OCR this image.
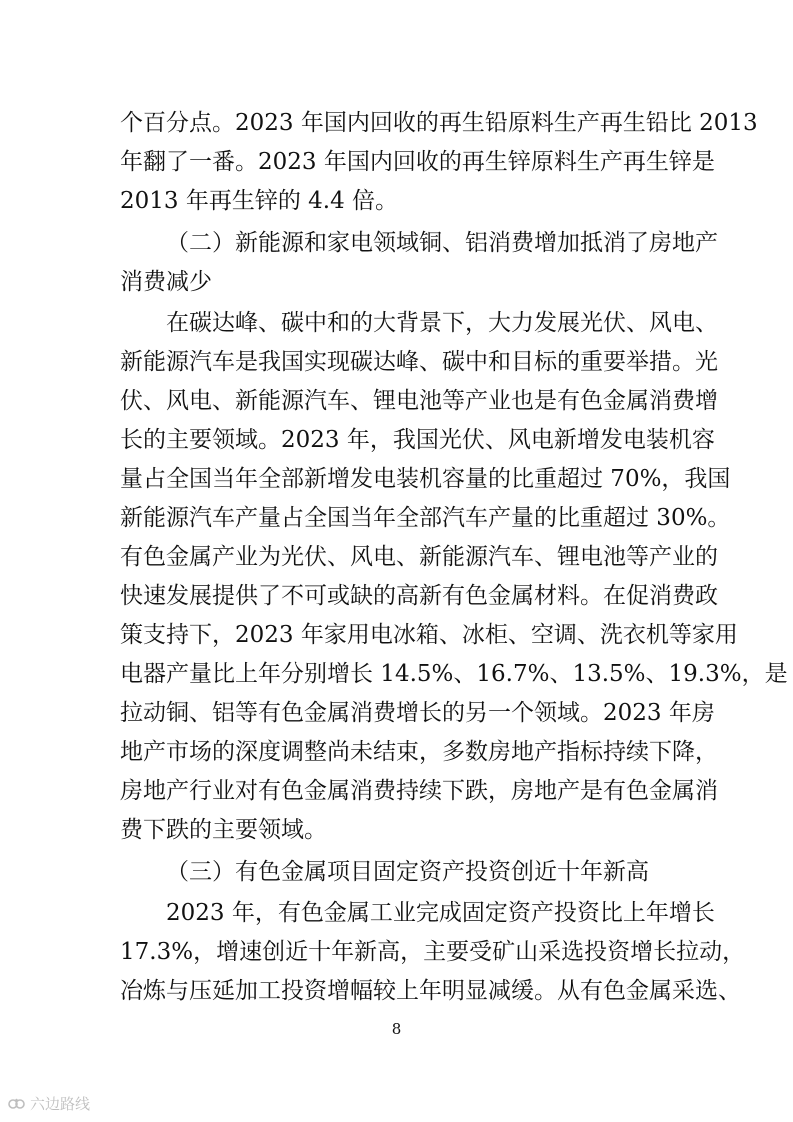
个百分点。2023 年国内回收的再生铅原料生产再生铅比 2013
年翻了一番。2023 年国内回收的再生锌原料生产再生锌是
2013 年再生锌的 4.4 倍。
（二）新能源和家电领域铜、铝消费增加抵消了房地产
消费减少
在碳达峰、碳中和的大背景下，大力发展光伏、风电、
新能源汽车是我国实现碳达峰、碳中和目标的重要举措。光
伏、风电、新能源汽车、锂电池等产业也是有色金属消费增
长的主要领域。2023 年，我国光伏、风电新增发电装机容
量占全国当年全部新增发电装机容量的比重超过 70%，我国
新能源汽车产量占全国当年全部汽车产量的比重超过 30%。
有色金属产业为光伏、风电、新能源汽车、锂电池等产业的
快速发展提供了不可或缺的高新有色金属材料。在促消费政
策支持下，2023 年家用电冰箱、冰柜、空调、洗衣机等家用
电器产量比上年分别增长 14.5%、16.7%、13.5%、19.3%，是
拉动铜、铝等有色金属消费增长的另一个领域。2023 年房
地产市场的深度调整尚未结束，多数房地产指标持续下降，
房地产行业对有色金属消费持续下跌，房地产是有色金属消
费下跌的主要领域。
（三）有色金属项目固定资产投资创近十年新高
2023 年，有色金属工业完成固定资产投资比上年增长
17.3%，增速创近十年新高，主要受矿山采选投资增长拉动，
冶炼与压延加工投资增幅较上年明显减缓。从有色金属采选、
8
六边路线
